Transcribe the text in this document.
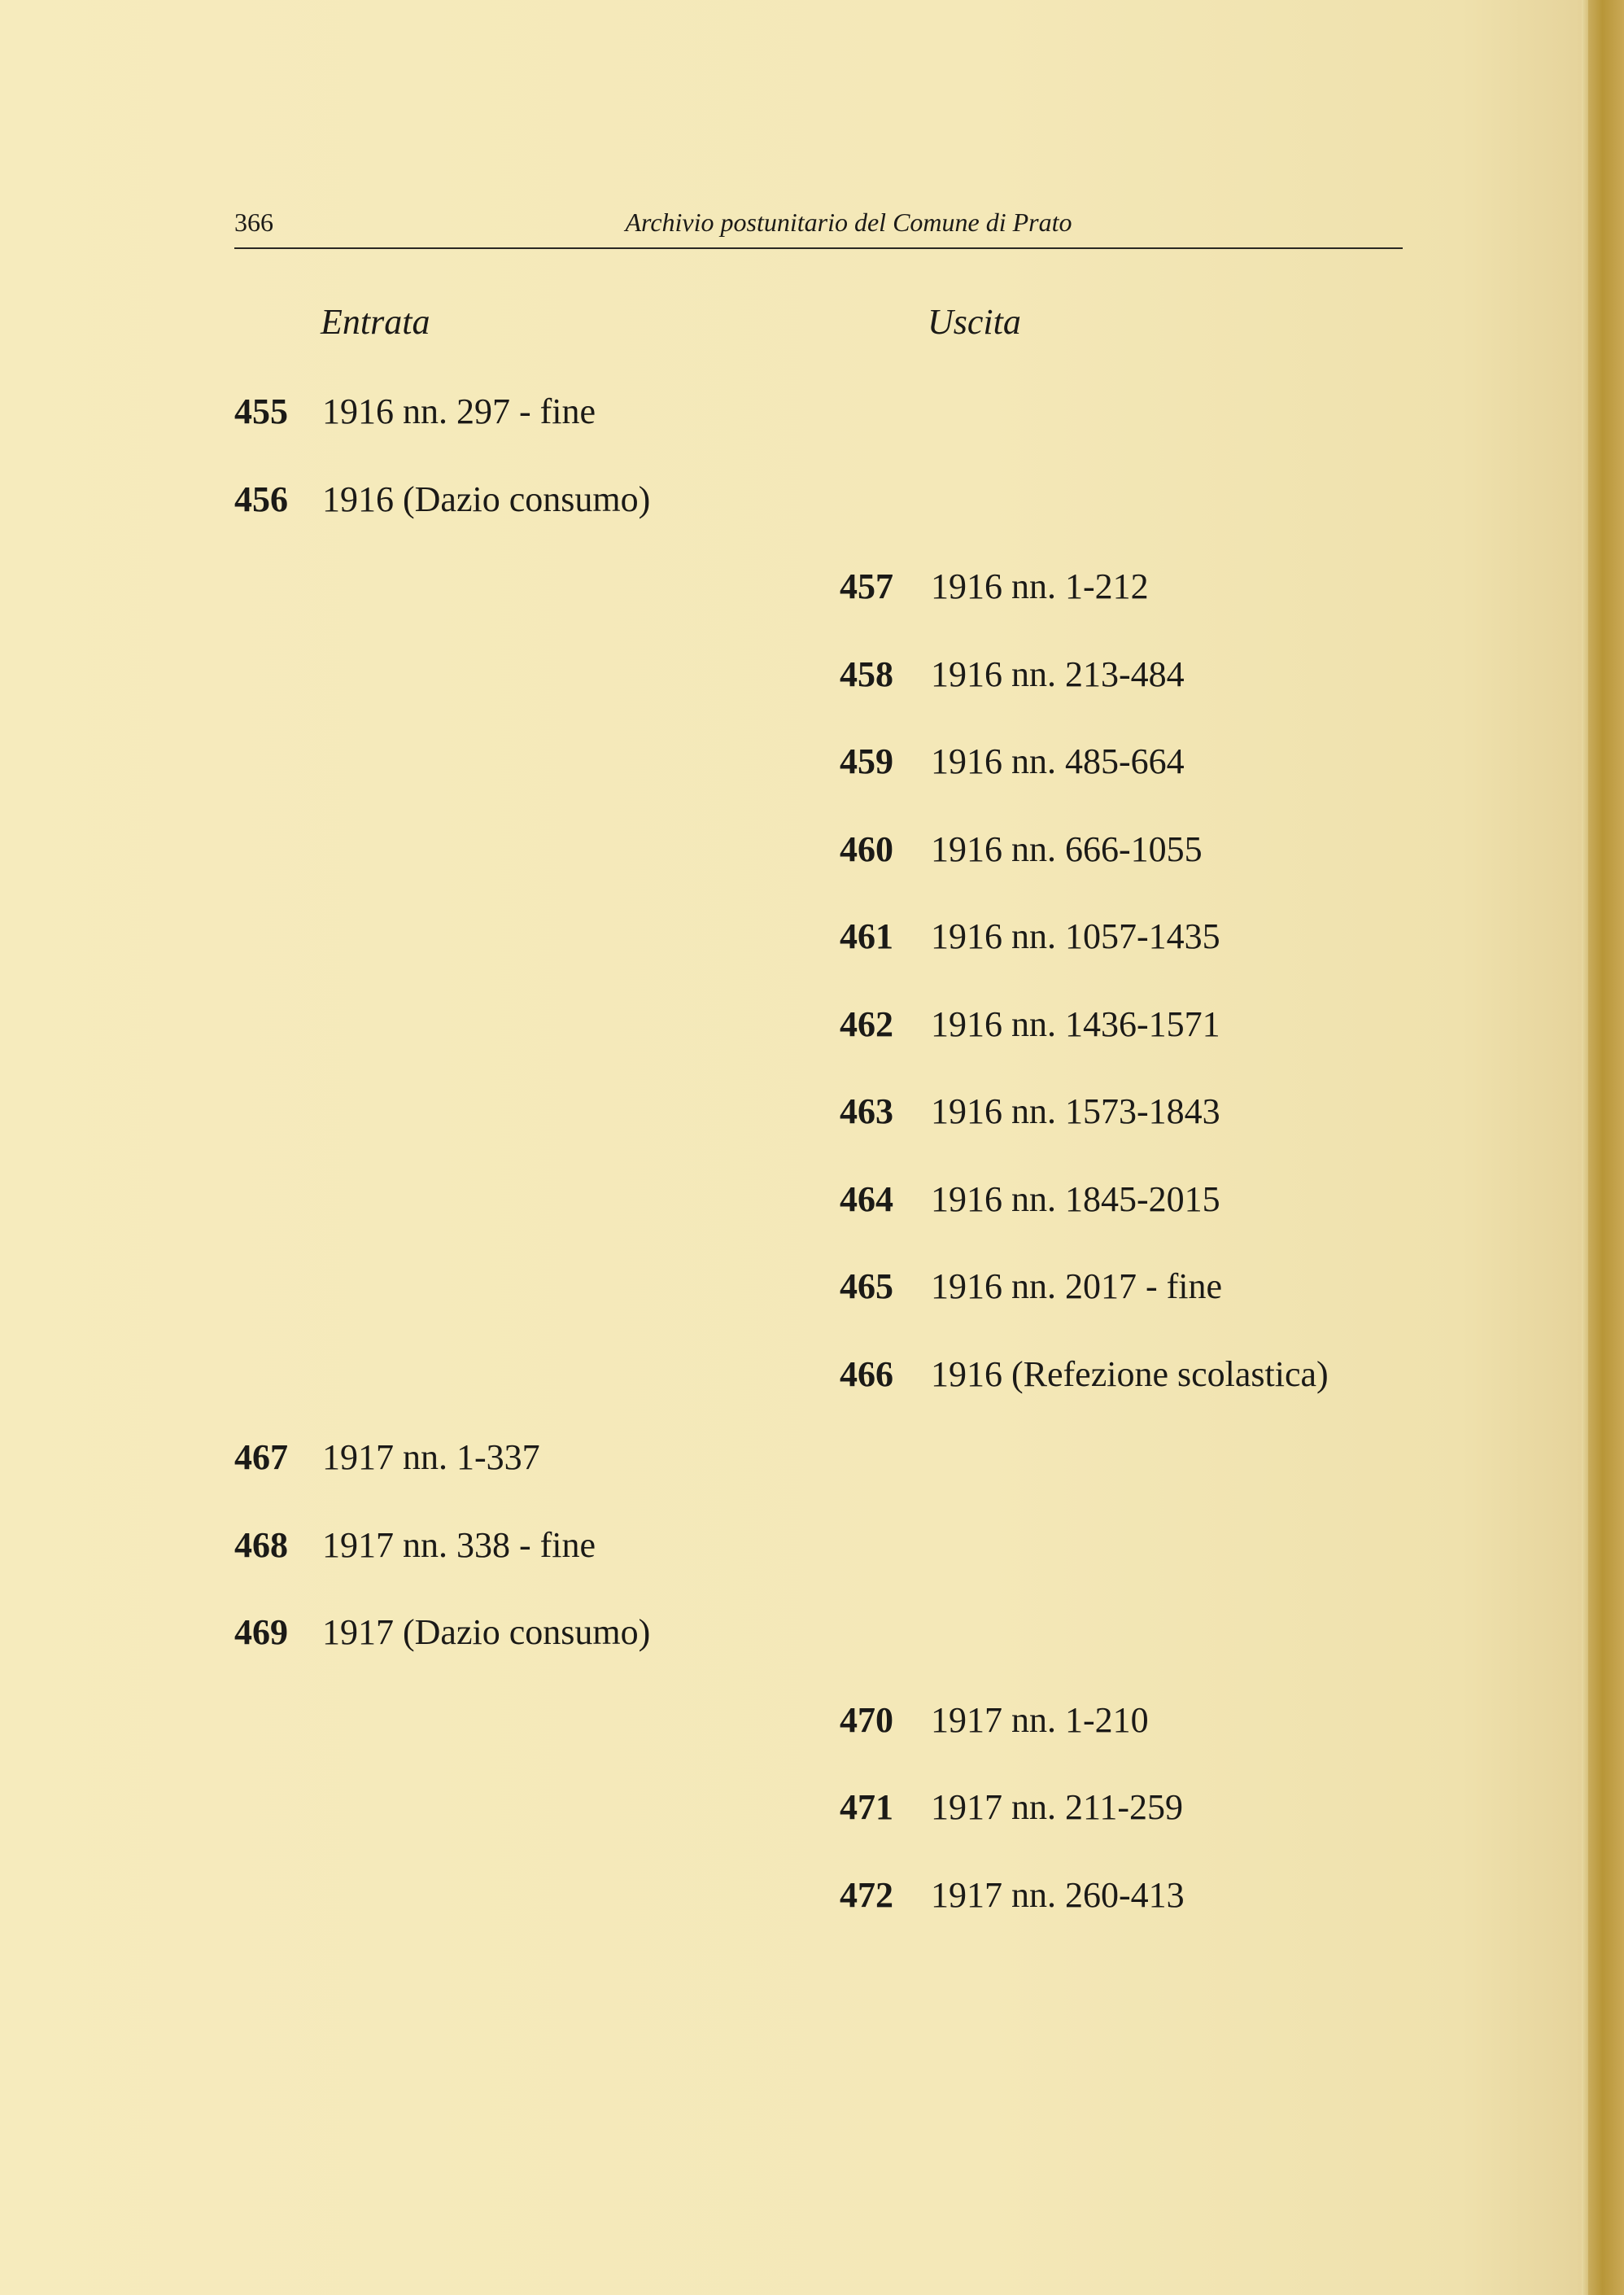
366	Archivio postunitario del Comune di Prato
Entrata	Uscita
455 1916 nn. 297 - fine
456 1916 (Dazio consumo)
467 1917 nn. 1-337
468 1917 nn. 338 - fine
469 1917 (Dazio consumo)
457 1916 nn. 1-212
458 1916 nn. 213-484
459 1916 nn. 485-664
460 1916 nn. 666-1055
461 1916 nn. 1057-1435
462 1916 nn. 1436-1571
463 1916 nn. 1573-1843
464 1916 nn. 1845-2015
465 1916 nn. 2017 - fine
466 1916 (Refezione scolastica)
470 1917 nn. 1-210
471 1917 nn. 211-259
472 1917 nn. 260-413
